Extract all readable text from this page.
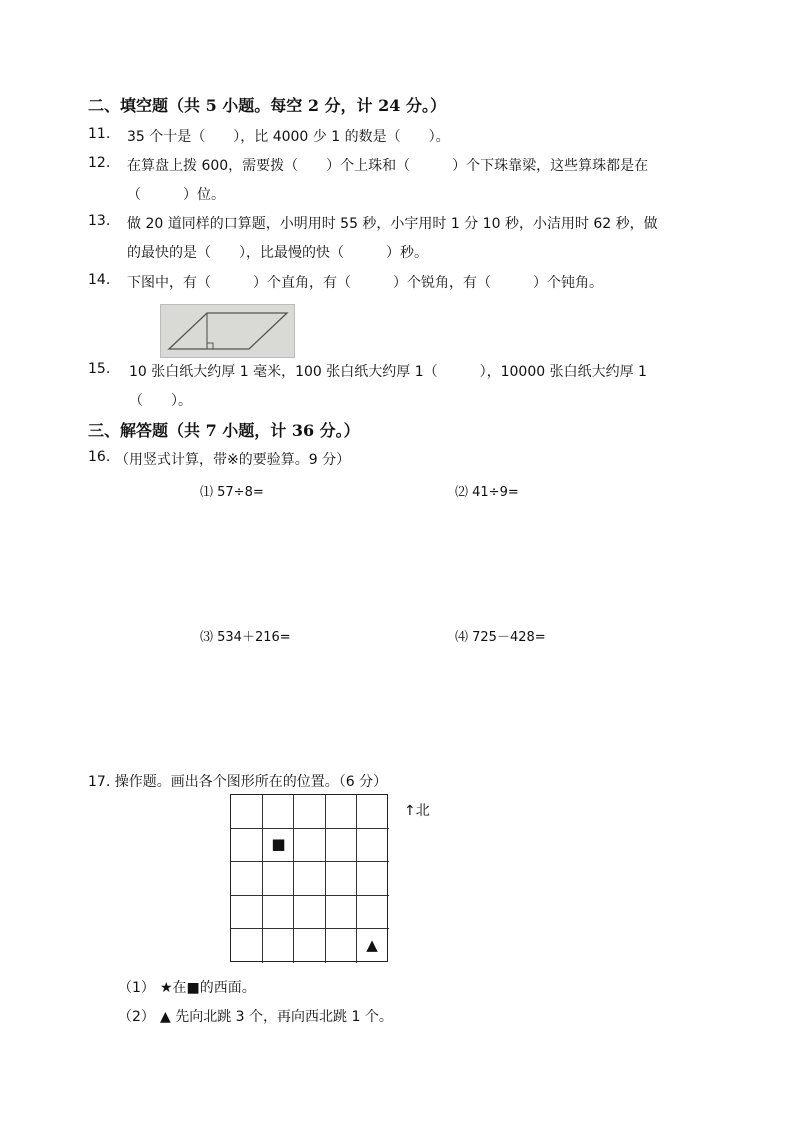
二、填空题（共 5 小题。每空 2 分，计 24 分。）
11. 35 个十是（　　），比 4000 少 1 的数是（　　）。
12. 在算盘上拨 600，需要拨（　　）个上珠和（　　　）个下珠靠梁，这些算珠都是在
（　　　）位。
13. 做 20 道同样的口算题，小明用时 55 秒，小宇用时 1 分 10 秒，小洁用时 62 秒，做
的最快的是（　　），比最慢的快（　　　）秒。
14. 下图中，有（　　　）个直角，有（　　　）个锐角，有（　　　）个钝角。
15. 10 张白纸大约厚 1 毫米，100 张白纸大约厚 1（　　　），10000 张白纸大约厚 1
（　　）。
三、解答题（共 7 小题，计 36 分。）
16. （用竖式计算，带※的要验算。9 分）
⑴ 57÷8=	⑵ 41÷9=
⑶ 534＋216=	⑷ 725－428=
17. 操作题。画出各个图形所在的位置。（6 分）
↑北
■
▲
（1） ★在■的西面。
（2） ▲ 先向北跳 3 个，再向西北跳 1 个。
